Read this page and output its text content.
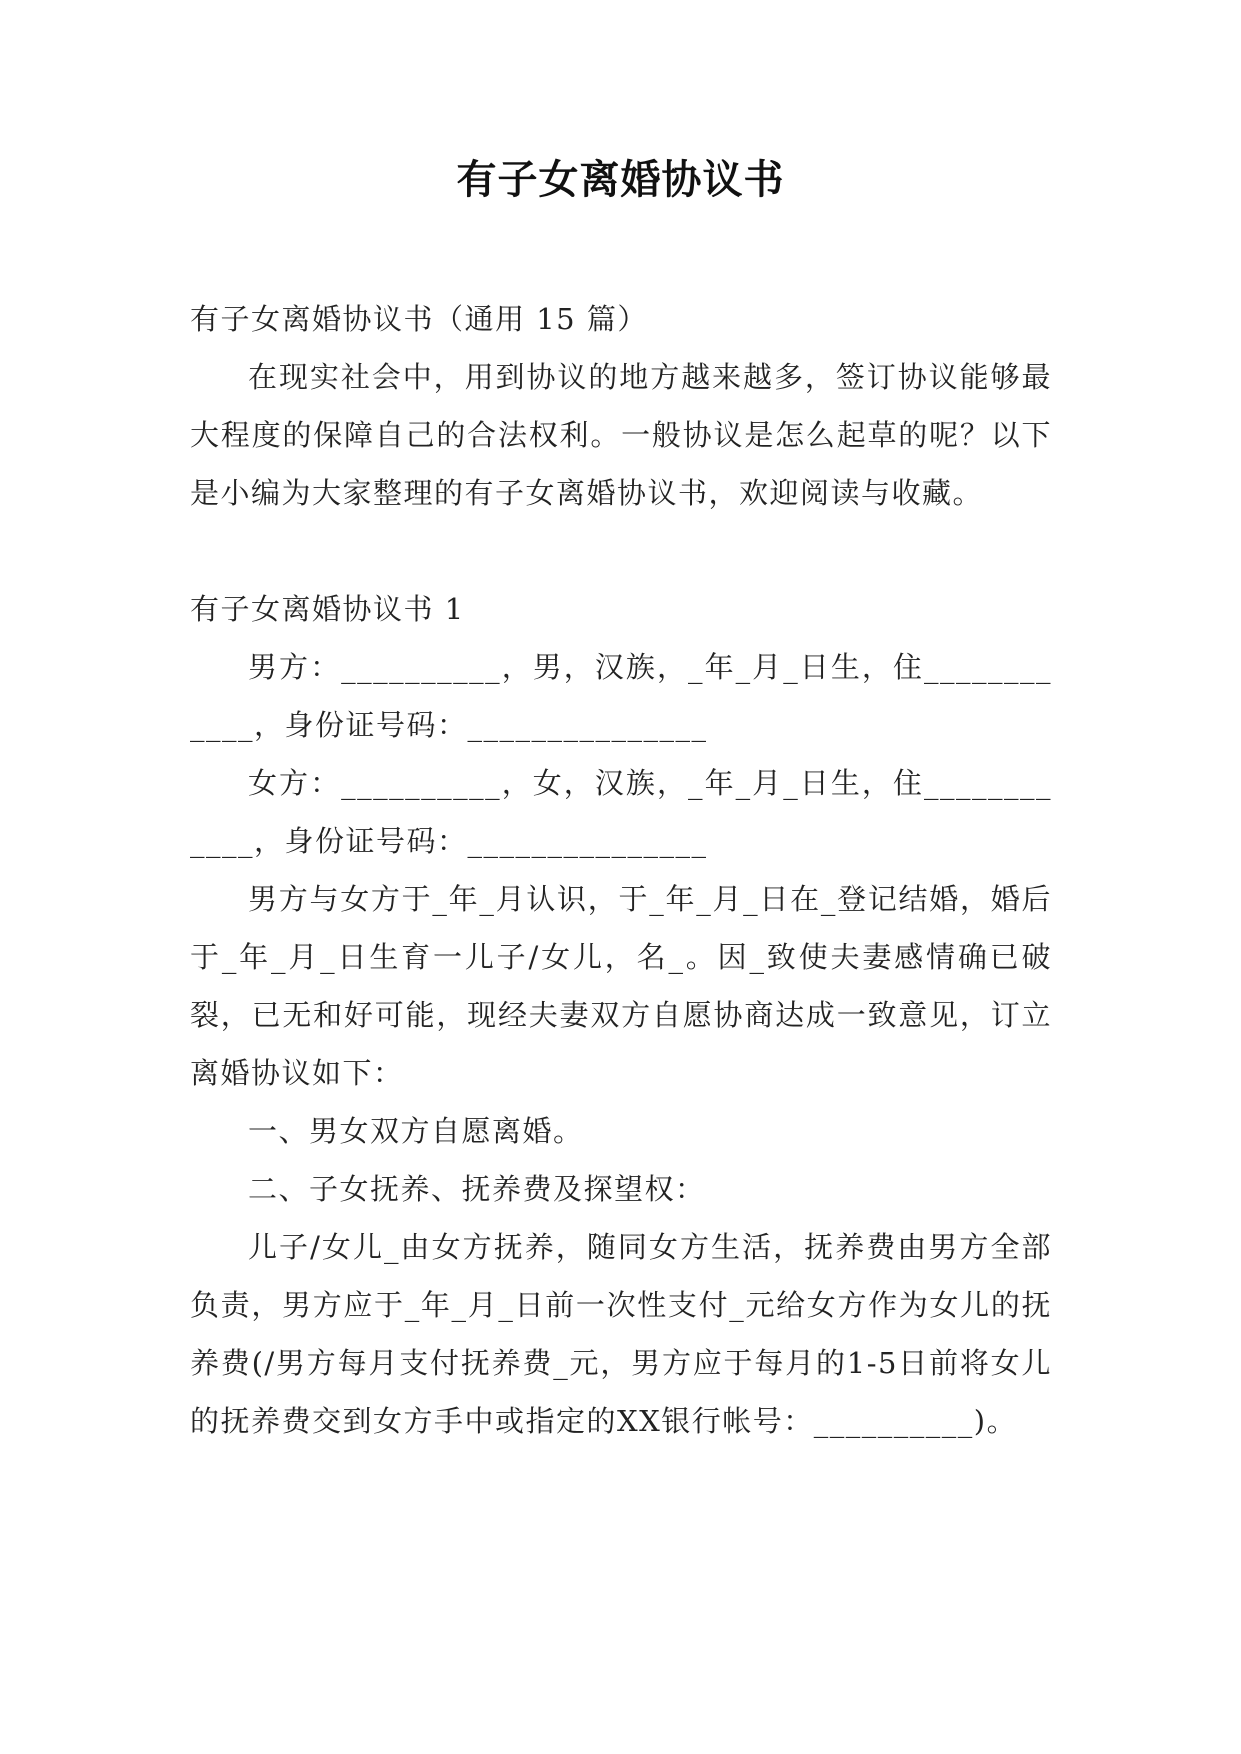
有子女离婚协议书

有子女离婚协议书（通用 15 篇）

在现实社会中，用到协议的地方越来越多，签订协议能够最大程度的保障自己的合法权利。一般协议是怎么起草的呢？以下是小编为大家整理的有子女离婚协议书，欢迎阅读与收藏。

有子女离婚协议书 1

男方：__________，男，汉族，_年_月_日生，住____________，身份证号码：_______________

女方：__________，女，汉族，_年_月_日生，住____________，身份证号码：_______________

男方与女方于_年_月认识，于_年_月_日在_登记结婚，婚后于_年_月_日生育一儿子/女儿，名_。因_致使夫妻感情确已破裂，已无和好可能，现经夫妻双方自愿协商达成一致意见，订立离婚协议如下：

一、男女双方自愿离婚。

二、子女抚养、抚养费及探望权：

儿子/女儿_由女方抚养，随同女方生活，抚养费由男方全部负责，男方应于_年_月_日前一次性支付_元给女方作为女儿的抚养费(/男方每月支付抚养费_元，男方应于每月的1-5日前将女儿的抚养费交到女方手中或指定的XX银行帐号：__________)。
